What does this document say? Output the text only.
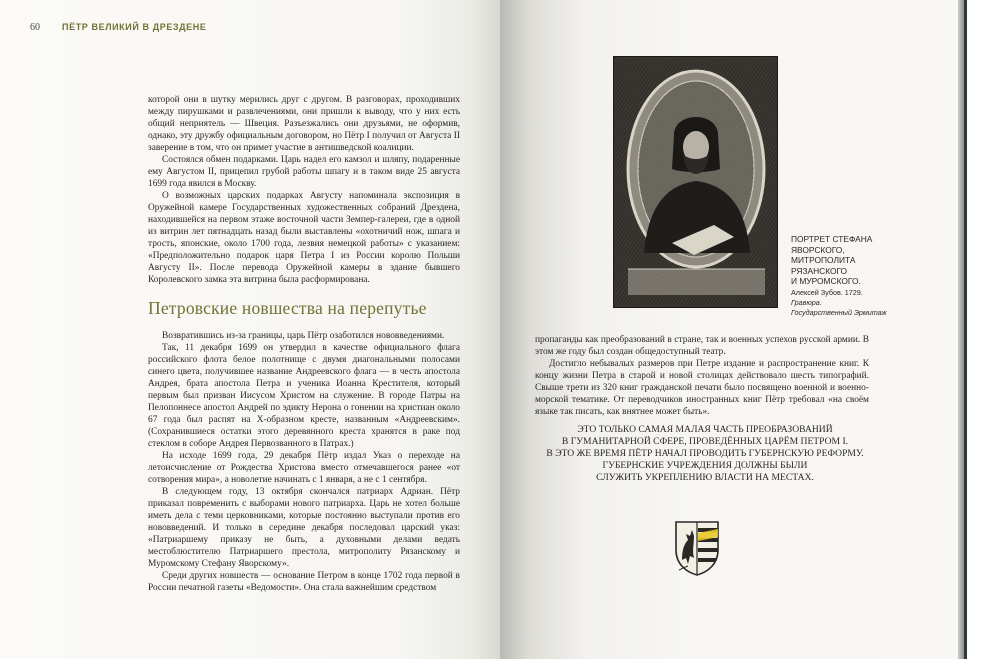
60 ПЁТР ВЕЛИКИЙ В ДРЕЗДЕНЕ

которой они в шутку мерились друг с другом. В разговорах, проходивших между пирушками и развлечениями, они пришли к выводу, что у них есть общий неприятель — Швеция. Разъезжались они друзьями, не оформив, однако, эту дружбу официальным договором, но Пётр I получил от Августа II заверение в том, что он примет участие в антишведской коалиции.

Состоялся обмен подарками. Царь надел его камзол и шляпу, подаренные ему Августом II, прицепил грубой работы шпагу и в таком виде 25 августа 1699 года явился в Москву.

О возможных царских подарках Августу напоминала экспозиция в Оружейной камере Государственных художественных собраний Дрездена, находившейся на первом этаже восточной части Земпер-галереи, где в одной из витрин лет пятнадцать назад были выставлены «охотничий нож, шпага и трость, японские, около 1700 года, лезвия немецкой работы» с указанием: «Предположительно подарок царя Петра I из России королю Польши Августу II». После перевода Оружейной камеры в здание бывшего Королевского замка эта витрина была расформирована.

Петровские новшества на перепутье

Возвратившись из-за границы, царь Пётр озаботился нововведениями.

Так, 11 декабря 1699 он утвердил в качестве официального флага российского флота белое полотнище с двумя диагональными полосами синего цвета, получившее название Андреевского флага — в честь апостола Андрея, брата апостола Петра и ученика Иоанна Крестителя, который первым был призван Иисусом Христом на служение. В городе Патры на Пелопоннесе апостол Андрей по эдикту Нерона о гонении на христиан около 67 года был распят на Х-образном кресте, названным «Андреевским». (Сохранившиеся остатки этого деревянного креста хранятся в раке под стеклом в соборе Андрея Первозванного в Патрах.)

На исходе 1699 года, 29 декабря Пётр издал Указ о переходе на летоисчисление от Рождества Христова вместо отмечавшегося ранее «от сотворения мира», а новолетие начинать с 1 января, а не с 1 сентября.

В следующем году, 13 октября скончался патриарх Адриан. Пётр приказал повременить с выборами нового патриарха. Царь не хотел больше иметь дела с теми церковниками, которые постоянно выступали против его нововведений. И только в середине декабря последовал царский указ: «Патриаршему приказу не быть, а духовными делами ведать местоблюстителю Патриаршего престола, митрополиту Рязанскому и Муромскому Стефану Яворскому».

Среди других новшеств — основание Петром в конце 1702 года первой в России печатной газеты «Ведомости». Она стала важнейшим средством

ПОРТРЕТ СТЕФАНА
ЯВОРСКОГО,
МИТРОПОЛИТА
РЯЗАНСКОГО
И МУРОМСКОГО.
Алексей Зубов. 1729.
Гравюра.
Государственный Эрмитаж

пропаганды как преобразований в стране, так и военных успехов русской армии. В этом же году был создан общедоступный театр.

Достигло небывалых размеров при Петре издание и распространение книг. К концу жизни Петра в старой и новой столицах действовало шесть типографий. Свыше трети из 320 книг гражданской печати было посвящено военной и военно-морской тематике. От переводчиков иностранных книг Пётр требовал «на своём языке так писать, как внятнее может быть».

ЭТО ТОЛЬКО САМАЯ МАЛАЯ ЧАСТЬ ПРЕОБРАЗОВАНИЙ
В ГУМАНИТАРНОЙ СФЕРЕ, ПРОВЕДЁННЫХ ЦАРЁМ ПЕТРОМ I.
В ЭТО ЖЕ ВРЕМЯ ПЁТР НАЧАЛ ПРОВОДИТЬ ГУБЕРНСКУЮ РЕФОРМУ.
ГУБЕРНСКИЕ УЧРЕЖДЕНИЯ ДОЛЖНЫ БЫЛИ
СЛУЖИТЬ УКРЕПЛЕНИЮ ВЛАСТИ НА МЕСТАХ.
